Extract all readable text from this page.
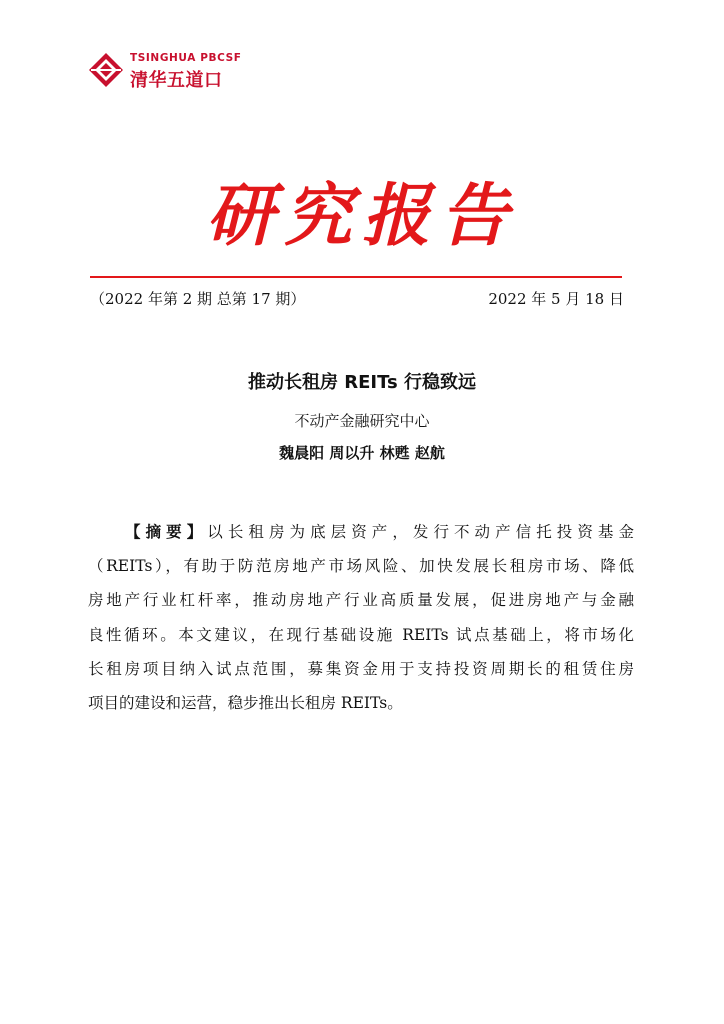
TSINGHUA PBCSF
清华五道口
研究报告
（2022 年第 2 期 总第 17 期）	2022 年 5 月 18 日
推动长租房 REITs 行稳致远
不动产金融研究中心
魏晨阳 周以升 林甦 赵航
【摘要】以长租房为底层资产，发行不动产信托投资基金
（REITs），有助于防范房地产市场风险、加快发展长租房市场、降低
房地产行业杠杆率，推动房地产行业高质量发展，促进房地产与金融
良性循环。本文建议，在现行基础设施 REITs 试点基础上，将市场化
长租房项目纳入试点范围，募集资金用于支持投资周期长的租赁住房
项目的建设和运营，稳步推出长租房 REITs。
